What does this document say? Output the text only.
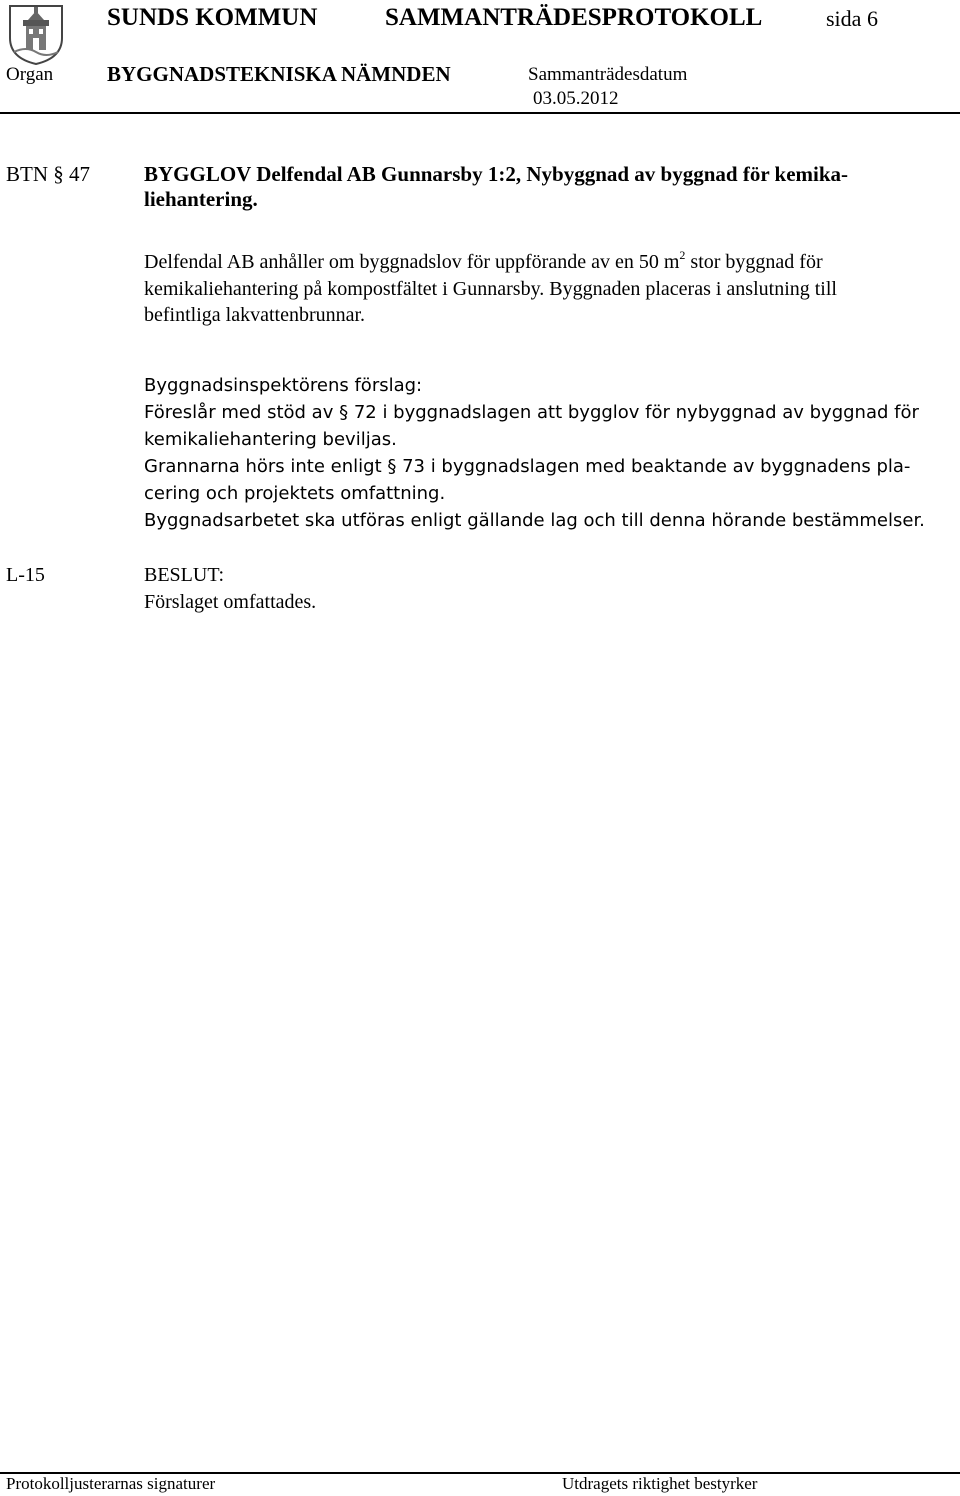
SUNDS KOMMUN	SAMMANTRÄDESPROTOKOLL	sida 6
Organ	BYGGNADSTEKNISKA NÄMNDEN	Sammanträdesdatum
03.05.2012
BTN § 47	BYGGLOV Delfendal AB Gunnarsby 1:2, Nybyggnad av byggnad för kemika-
liehantering.
Delfendal AB anhåller om byggnadslov för uppförande av en 50 $m^2$ stor byggnad för
kemikaliehantering på kompostfältet i Gunnarsby. Byggnaden placeras i anslutning till
befintliga lakvattenbrunnar.
Byggnadsinspektörens förslag:
Föreslår med stöd av § 72 i byggnadslagen att bygglov för nybyggnad av byggnad för
kemikaliehantering beviljas.
Grannarna hörs inte enligt § 73 i byggnadslagen med beaktande av byggnadens pla-
cering och projektets omfattning.
Byggnadsarbetet ska utföras enligt gällande lag och till denna hörande bestämmelser.
L-15	BESLUT:
Förslaget omfattades.
Protokolljusterarnas signaturer	Utdragets riktighet bestyrker
